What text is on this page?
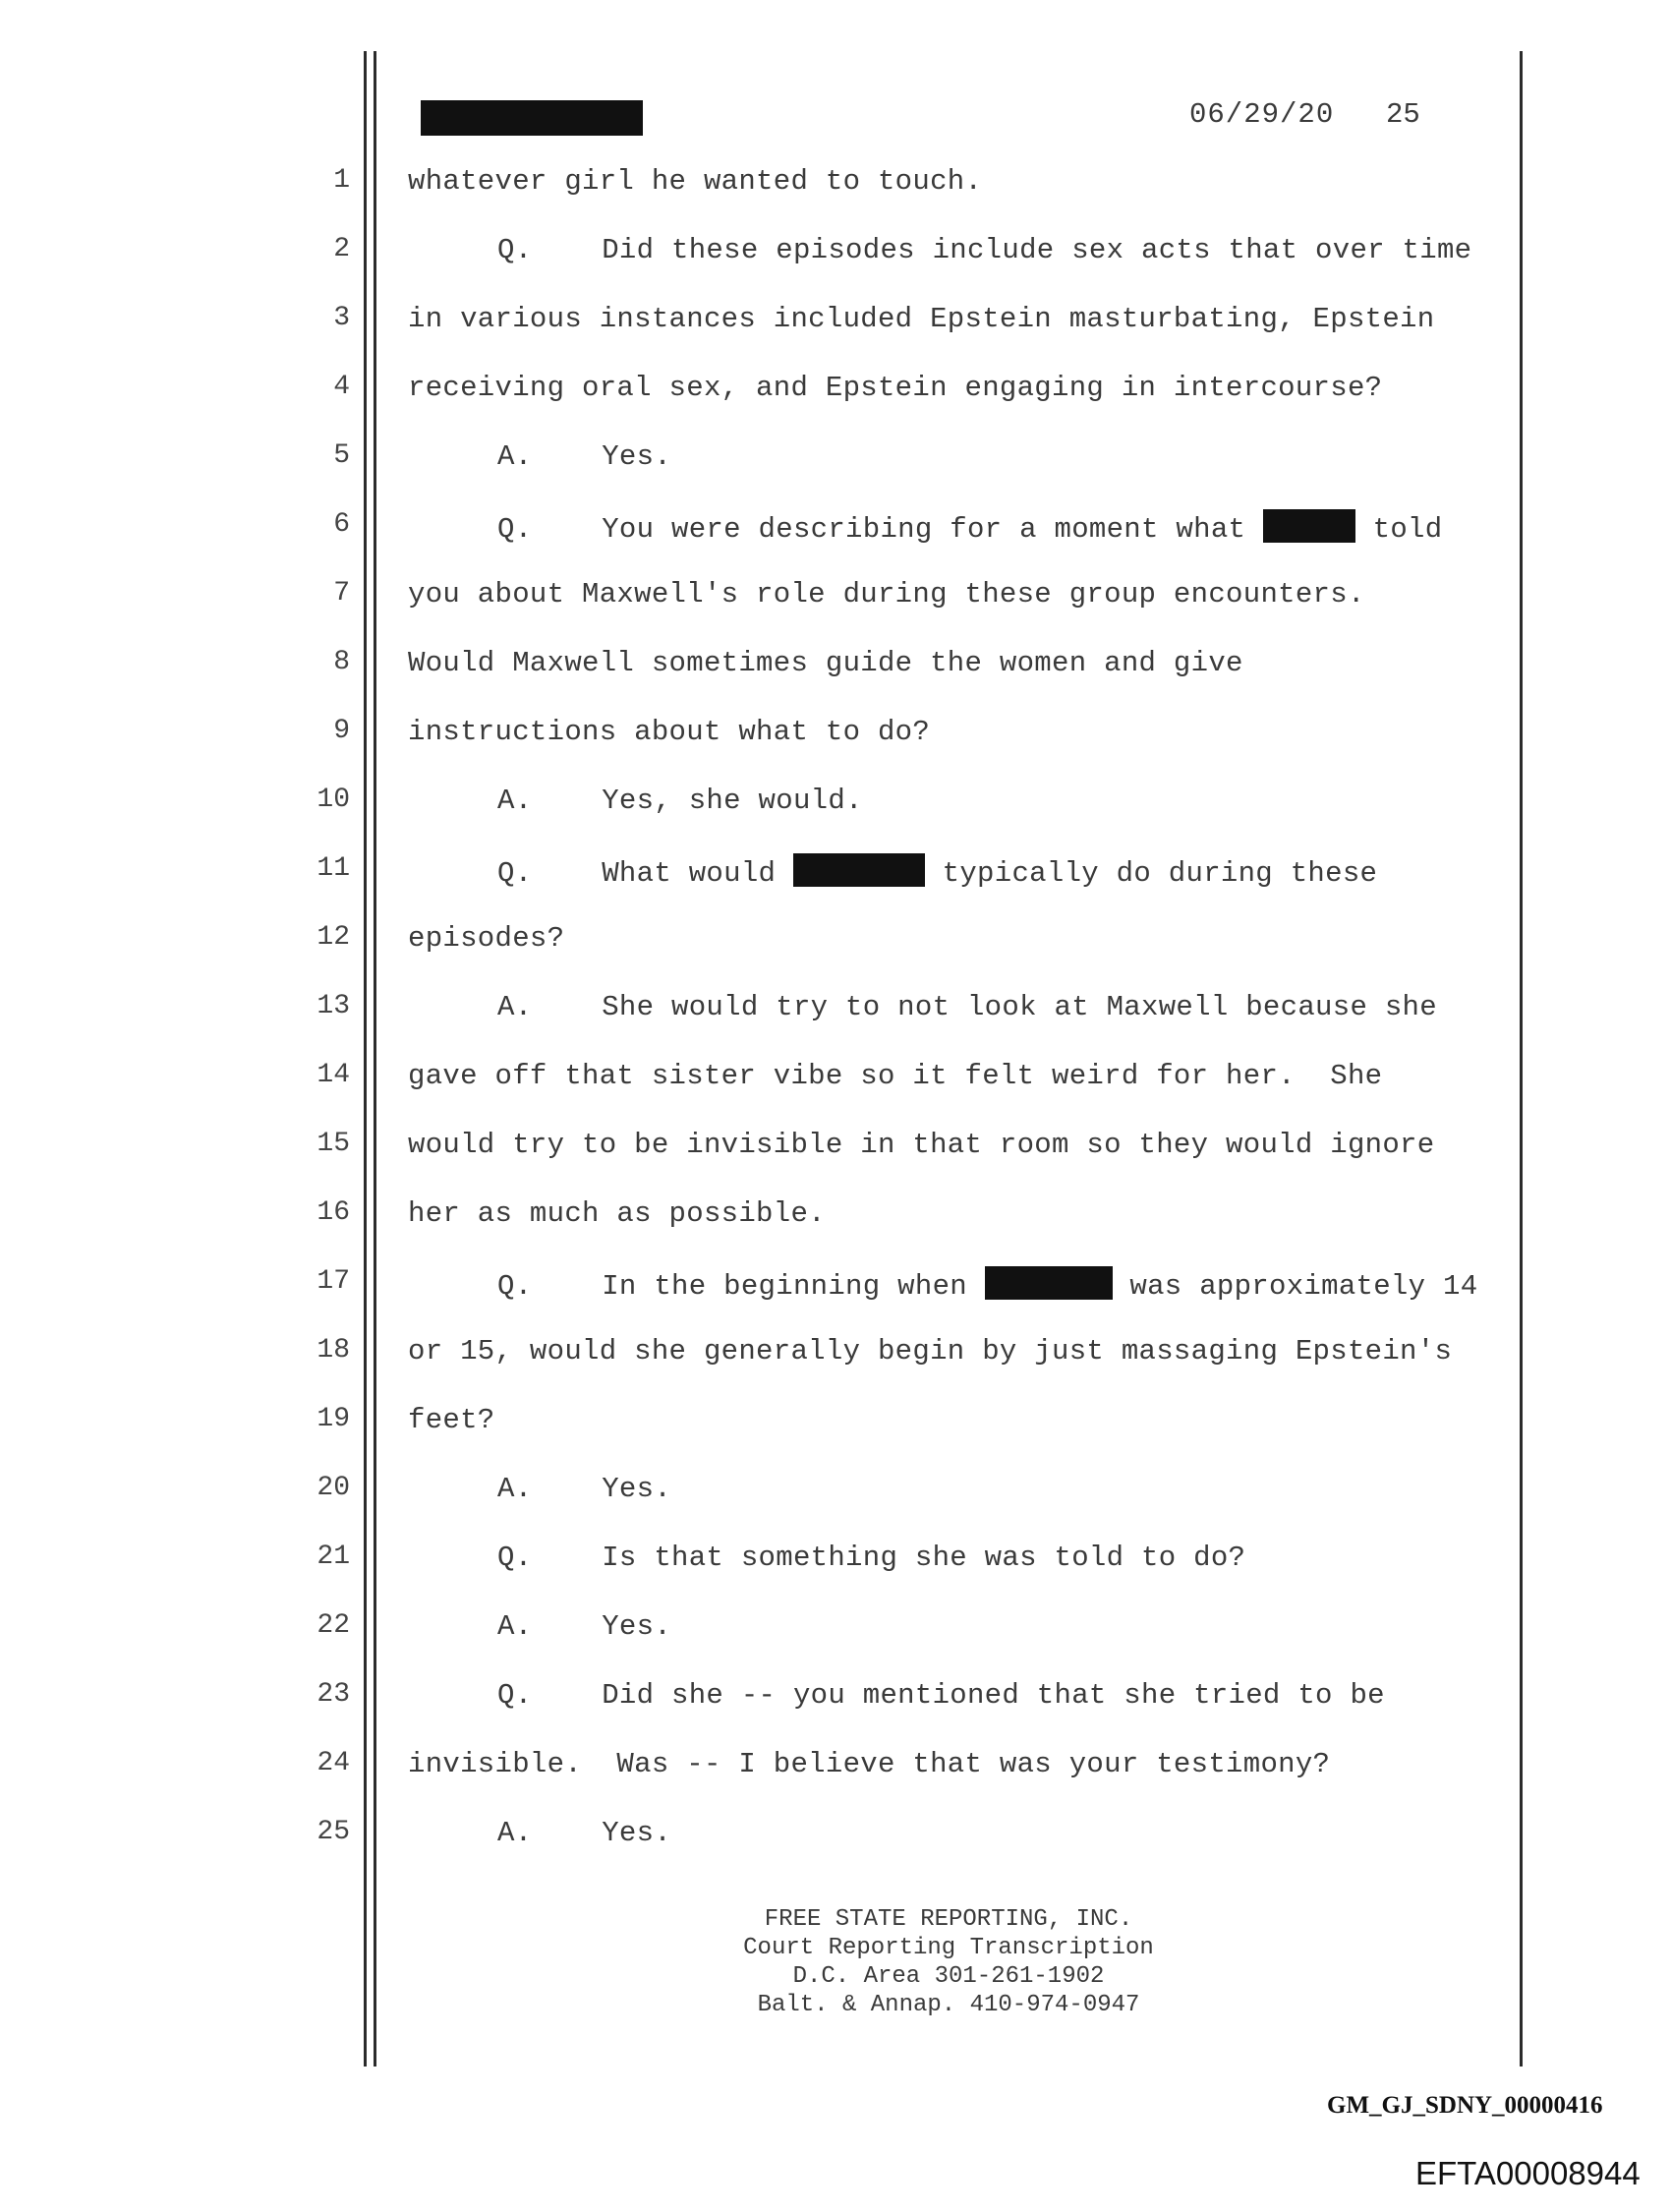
06/29/20 25
1 whatever girl he wanted to touch.
2	Q.    Did these episodes include sex acts that over time
3 in various instances included Epstein masturbating, Epstein
4 receiving oral sex, and Epstein engaging in intercourse?
5	A.    Yes.
6	Q.    You were describing for a moment what	told
7 you about Maxwell's role during these group encounters.
8 Would Maxwell sometimes guide the women and give
9 instructions about what to do?
10	A.    Yes, she would.
11	Q.    What would	typically do during these
12 episodes?
13	A.    She would try to not look at Maxwell because she
14 gave off that sister vibe so it felt weird for her.  She
15 would try to be invisible in that room so they would ignore
16 her as much as possible.
17	Q.    In the beginning when	was approximately 14
18 or 15, would she generally begin by just massaging Epstein's
19 feet?
20	A.    Yes.
21	Q.    Is that something she was told to do?
22	A.    Yes.
23	Q.    Did she -- you mentioned that she tried to be
24 invisible.  Was -- I believe that was your testimony?
25	A.    Yes.
FREE STATE REPORTING, INC.
Court Reporting Transcription
D.C. Area 301-261-1902
Balt. & Annap. 410-974-0947
GM_GJ_SDNY_00000416
EFTA00008944
